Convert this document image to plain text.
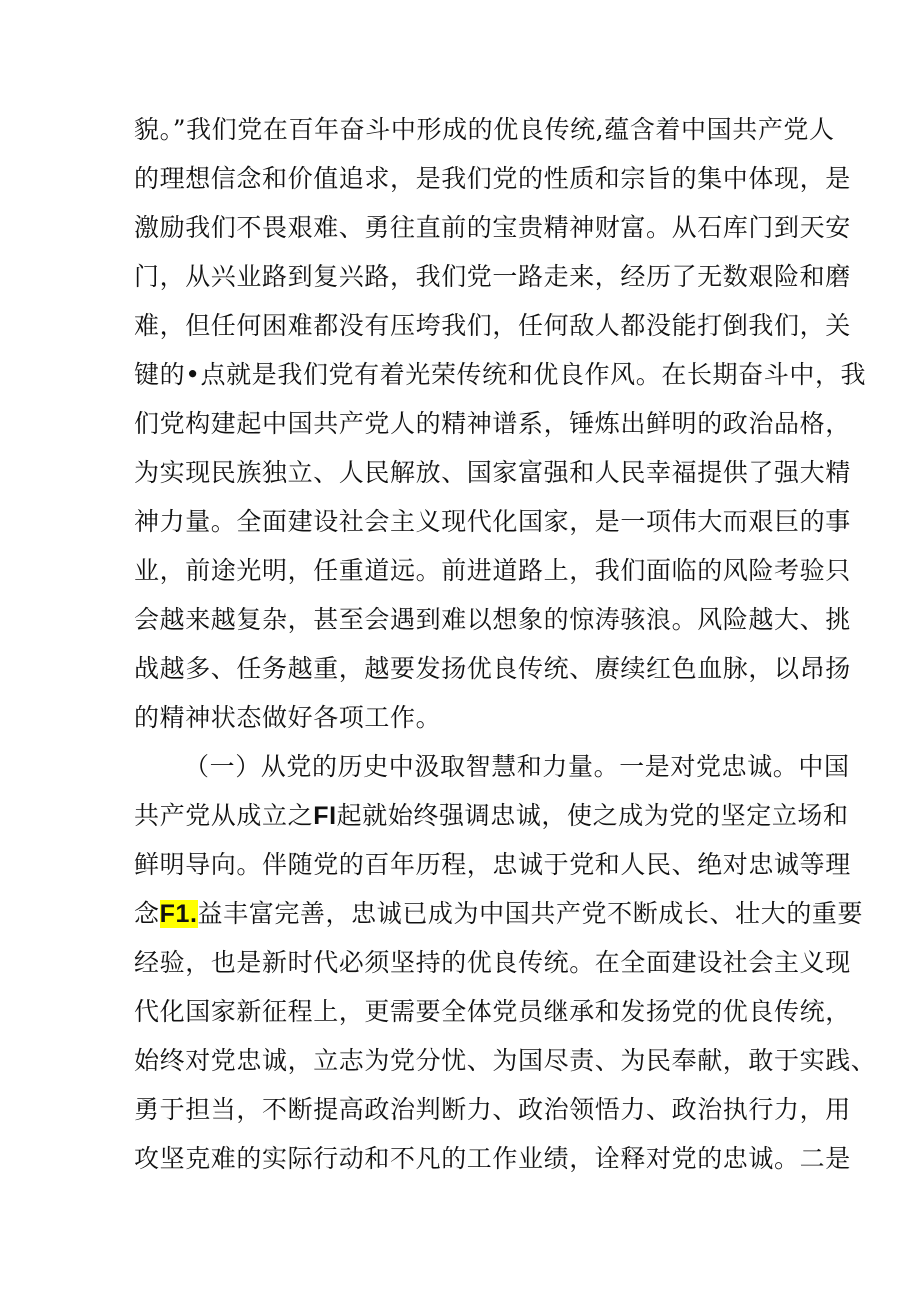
貌。”我们党在百年奋斗中形成的优良传统,蕴含着中国共产党人
的理想信念和价值追求，是我们党的性质和宗旨的集中体现，是
激励我们不畏艰难、勇往直前的宝贵精神财富。从石库门到天安
门，从兴业路到复兴路，我们党一路走来，经历了无数艰险和磨
难，但任何困难都没有压垮我们，任何敌人都没能打倒我们，关
键的•点就是我们党有着光荣传统和优良作风。在长期奋斗中，我
们党构建起中国共产党人的精神谱系，锤炼出鲜明的政治品格，
为实现民族独立、人民解放、国家富强和人民幸福提供了强大精
神力量。全面建设社会主义现代化国家，是一项伟大而艰巨的事
业，前途光明，任重道远。前进道路上，我们面临的风险考验只
会越来越复杂，甚至会遇到难以想象的惊涛骇浪。风险越大、挑
战越多、任务越重，越要发扬优良传统、赓续红色血脉，以昂扬
的精神状态做好各项工作。
（一）从党的历史中汲取智慧和力量。一是对党忠诚。中国
共产党从成立之FI起就始终强调忠诚，使之成为党的坚定立场和
鲜明导向。伴随党的百年历程，忠诚于党和人民、绝对忠诚等理
念F1.益丰富完善，忠诚已成为中国共产党不断成长、壮大的重要
经验，也是新时代必须坚持的优良传统。在全面建设社会主义现
代化国家新征程上，更需要全体党员继承和发扬党的优良传统，
始终对党忠诚，立志为党分忧、为国尽责、为民奉献，敢于实践、
勇于担当，不断提高政治判断力、政治领悟力、政治执行力，用
攻坚克难的实际行动和不凡的工作业绩，诠释对党的忠诚。二是
